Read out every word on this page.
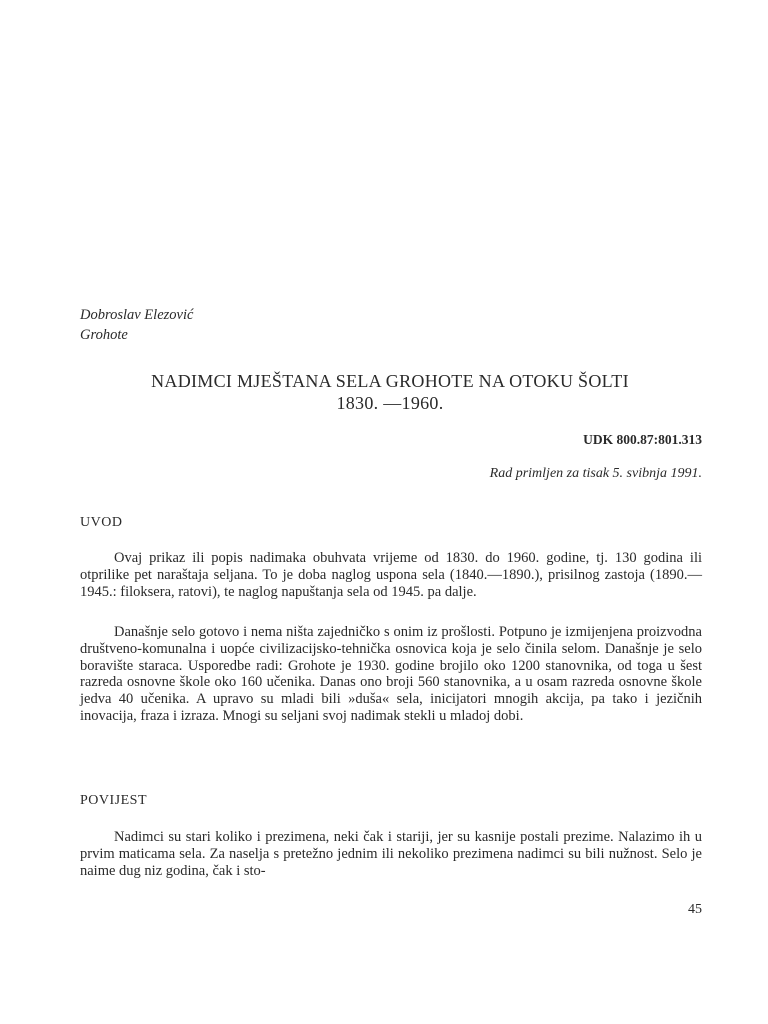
Dobroslav Elezović
Grohote
NADIMCI MJEŠTANA SELA GROHOTE NA OTOKU ŠOLTI
1830. —1960.
UDK 800.87:801.313
Rad primljen za tisak 5. svibnja 1991.
UVOD

Ovaj prikaz ili popis nadimaka obuhvata vrijeme od 1830. do 1960. godine, tj. 130 godina ili otprilike pet naraštaja seljana. To je doba naglog uspona sela (1840.—1890.), prisilnog zastoja (1890.—1945.: filoksera, ratovi), te naglog napuštanja sela od 1945. pa dalje.

Današnje selo gotovo i nema ništa zajedničko s onim iz prošlosti. Potpuno je izmijenjena proizvodna društveno-komunalna i uopće civilizacijsko-tehnička osnovica koja je selo činila selom. Današnje je selo boravište staraca. Usporedbe radi: Grohote je 1930. godine brojilo oko 1200 stanovnika, od toga u šest razreda osnovne škole oko 160 učenika. Danas ono broji 560 stanovnika, a u osam razreda osnovne škole jedva 40 učenika. A upravo su mladi bili »duša« sela, inicijatori mnogih akcija, pa tako i jezičnih inovacija, fraza i izraza. Mnogi su seljani svoj nadimak stekli u mladoj dobi.

POVIJEST

Nadimci su stari koliko i prezimena, neki čak i stariji, jer su kasnije postali prezime. Nalazimo ih u prvim maticama sela. Za naselja s pretežno jednim ili nekoliko prezimena nadimci su bili nužnost. Selo je naime dug niz godina, čak i sto-

45
